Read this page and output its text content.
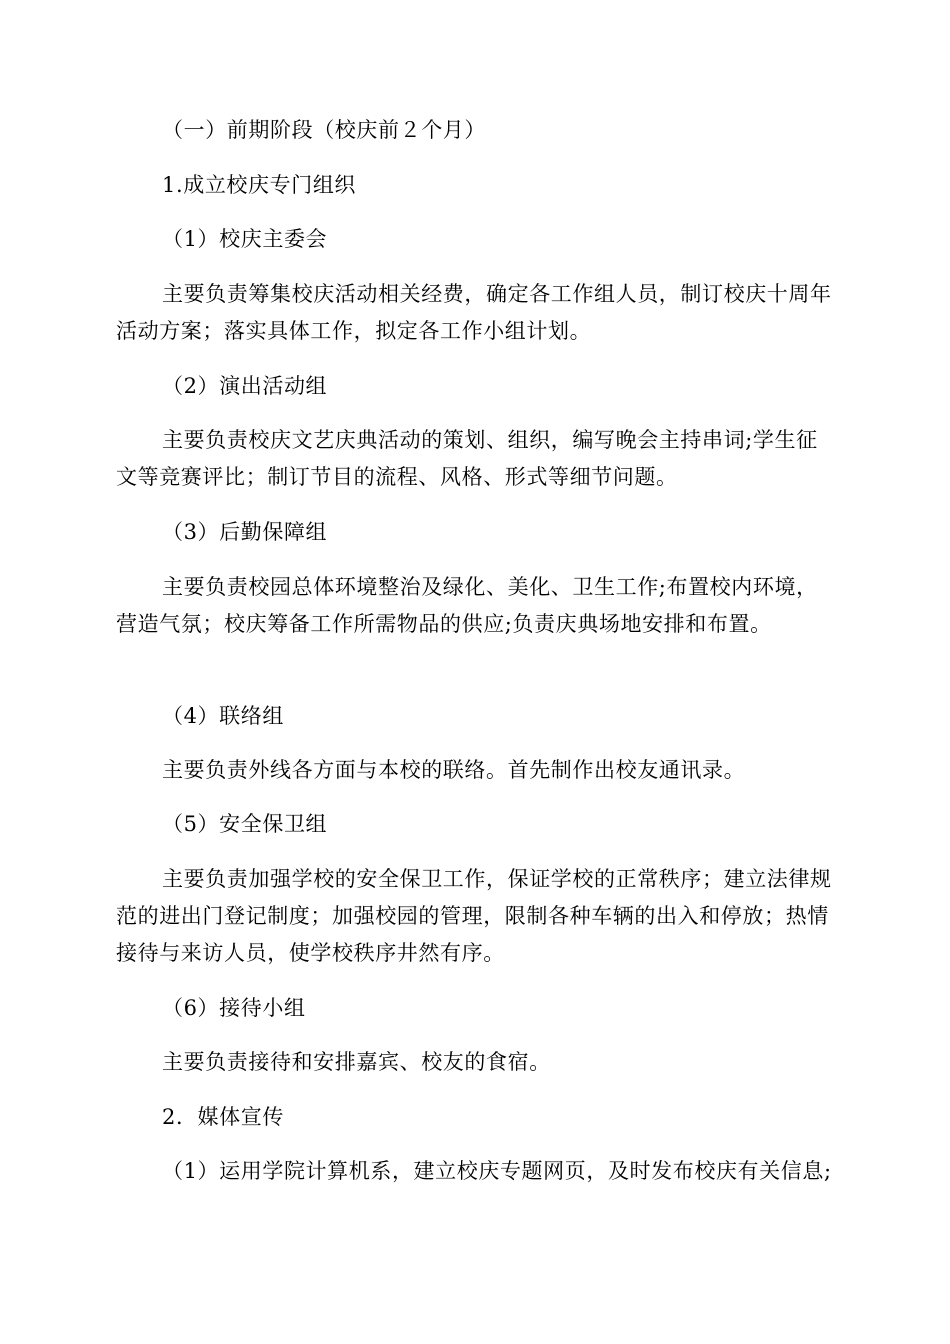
（一）前期阶段（校庆前２个月）

1.成立校庆专门组织

（1）校庆主委会

主要负责筹集校庆活动相关经费，确定各工作组人员，制订校庆十周年活动方案；落实具体工作，拟定各工作小组计划。

（2）演出活动组

主要负责校庆文艺庆典活动的策划、组织，编写晚会主持串词;学生征文等竞赛评比；制订节目的流程、风格、形式等细节问题。

（3）后勤保障组

主要负责校园总体环境整治及绿化、美化、卫生工作;布置校内环境，营造气氛；校庆筹备工作所需物品的供应;负责庆典场地安排和布置。

（4）联络组

主要负责外线各方面与本校的联络。首先制作出校友通讯录。

（5）安全保卫组

主要负责加强学校的安全保卫工作，保证学校的正常秩序；建立法律规范的进出门登记制度；加强校园的管理，限制各种车辆的出入和停放；热情接待与来访人员，使学校秩序井然有序。

（6）接待小组

主要负责接待和安排嘉宾、校友的食宿。

2．媒体宣传

（1）运用学院计算机系，建立校庆专题网页，及时发布校庆有关信息;
